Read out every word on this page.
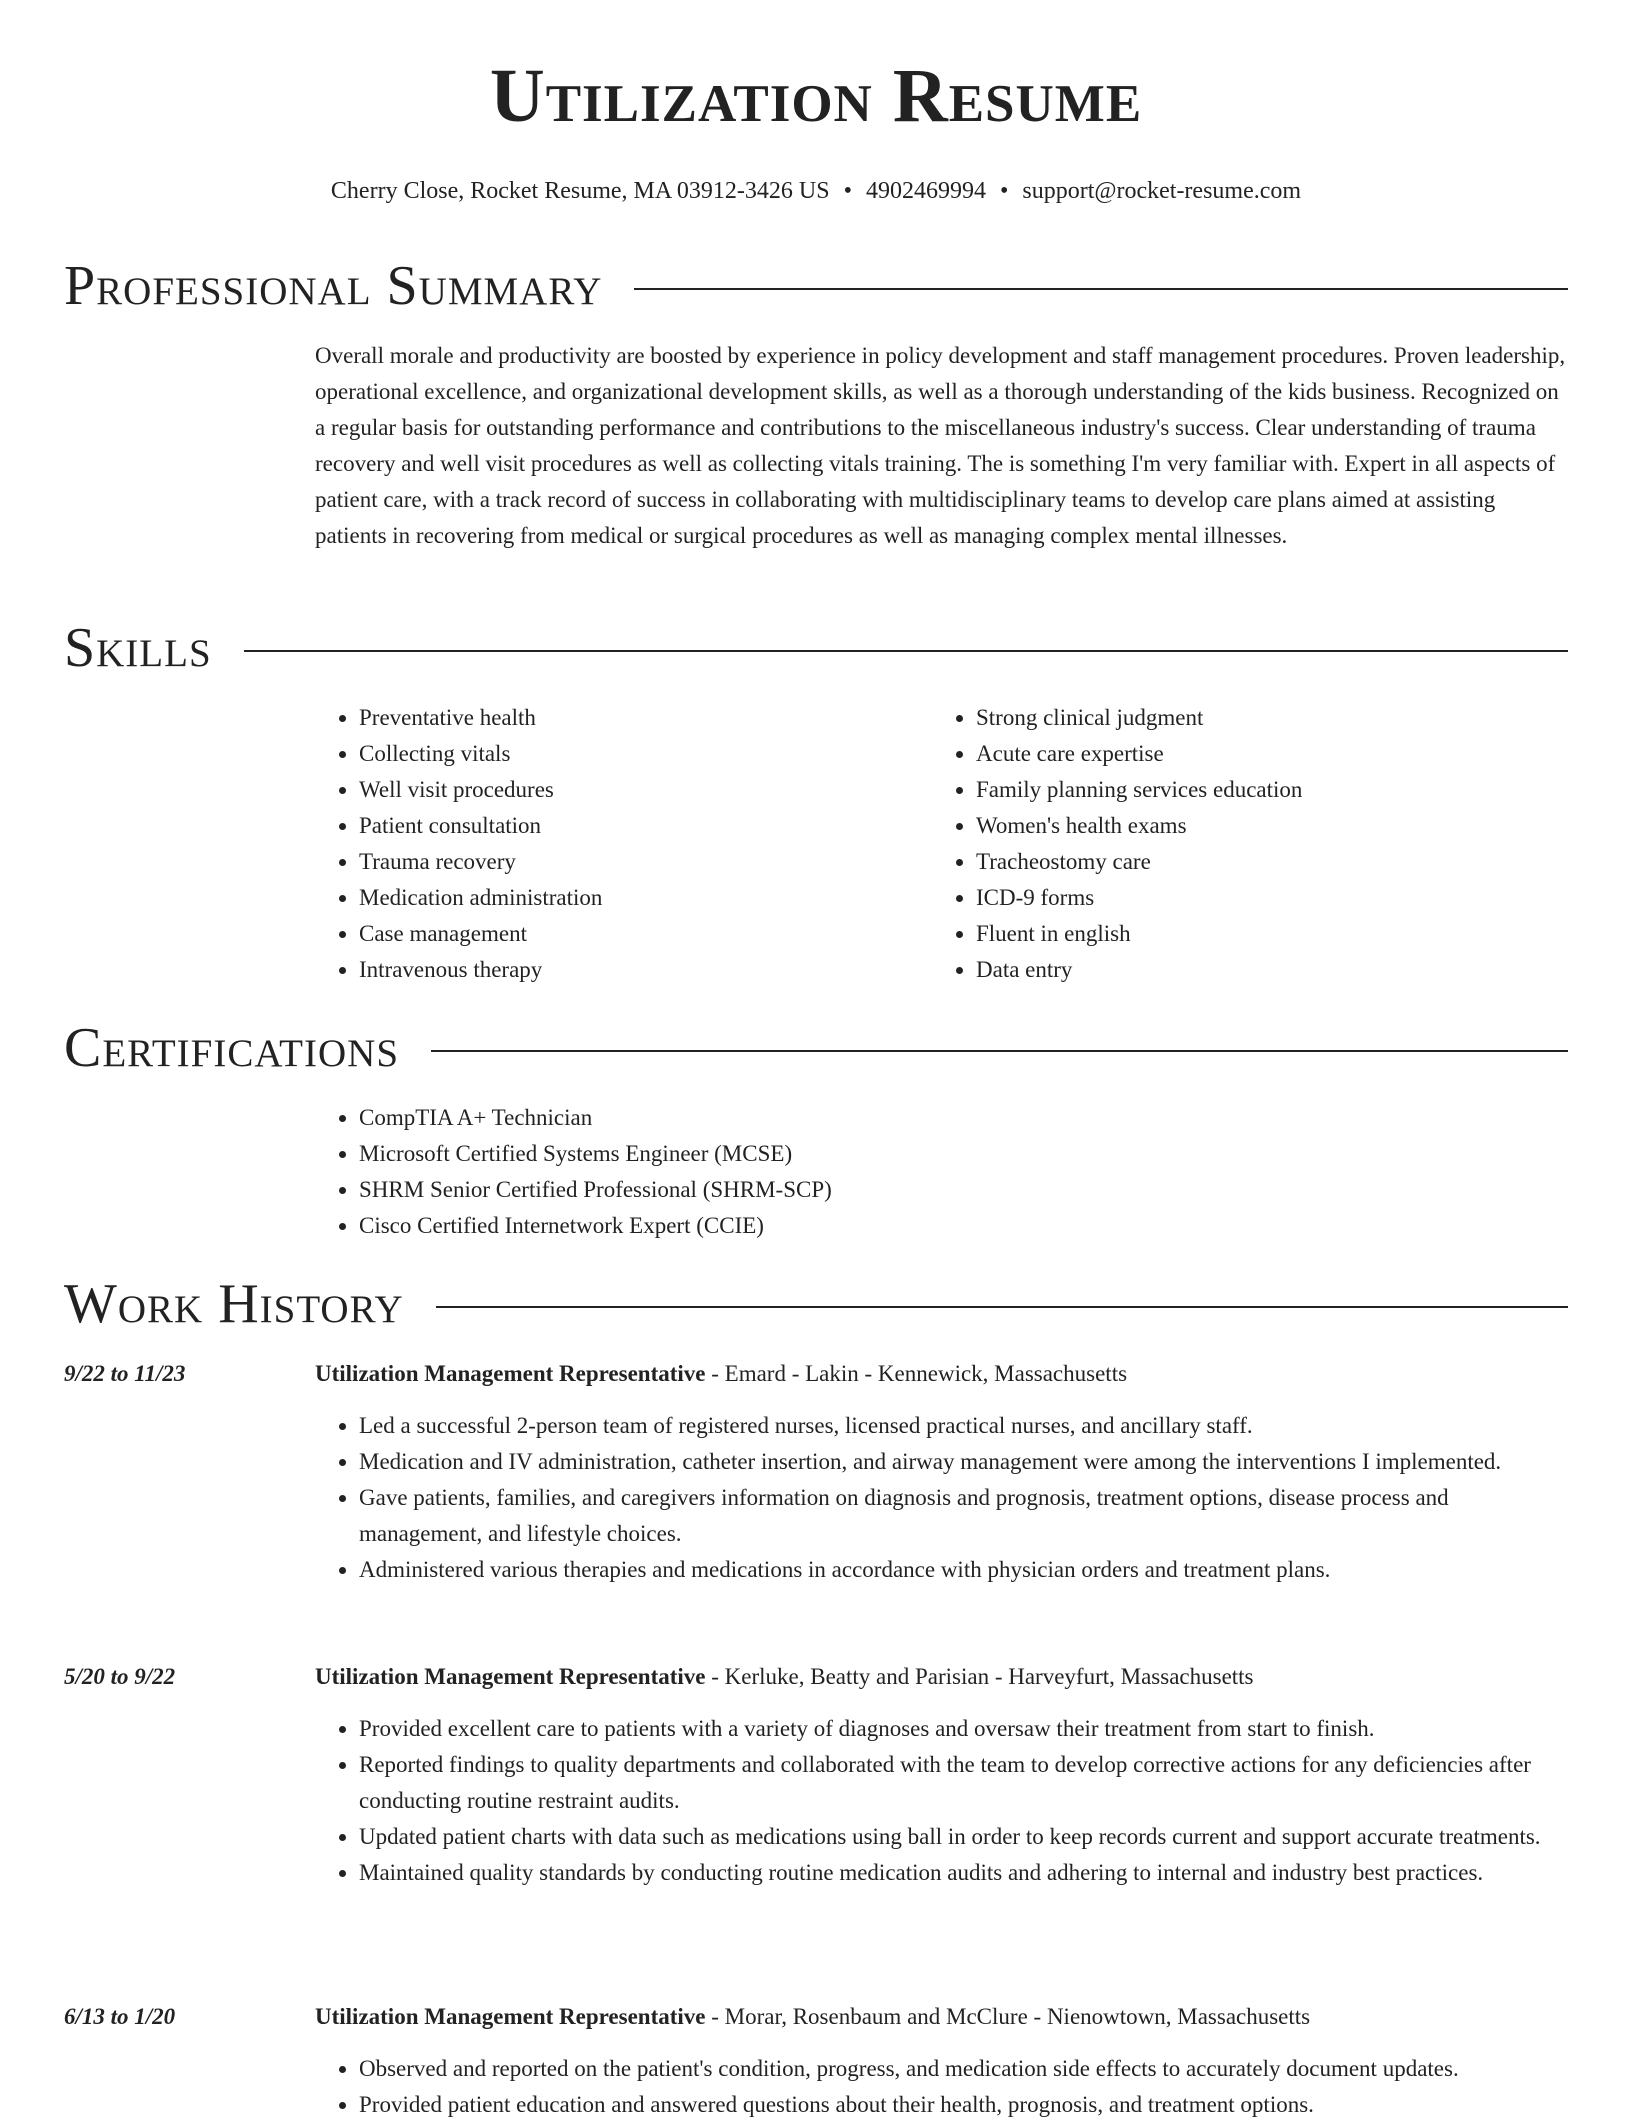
Utilization Resume
Cherry Close, Rocket Resume, MA 03912-3426 US • 4902469994 • support@rocket-resume.com
Professional Summary

Overall morale and productivity are boosted by experience in policy development and staff management procedures. Proven leadership, operational excellence, and organizational development skills, as well as a thorough understanding of the kids business. Recognized on a regular basis for outstanding performance and contributions to the miscellaneous industry's success. Clear understanding of trauma recovery and well visit procedures as well as collecting vitals training. The is something I'm very familiar with. Expert in all aspects of patient care, with a track record of success in collaborating with multidisciplinary teams to develop care plans aimed at assisting patients in recovering from medical or surgical procedures as well as managing complex mental illnesses.

Skills
• Preventative health
• Collecting vitals
• Well visit procedures
• Patient consultation
• Trauma recovery
• Medication administration
• Case management
• Intravenous therapy
• Strong clinical judgment
• Acute care expertise
• Family planning services education
• Women's health exams
• Tracheostomy care
• ICD-9 forms
• Fluent in english
• Data entry
Certifications
• CompTIA A+ Technician
• Microsoft Certified Systems Engineer (MCSE)
• SHRM Senior Certified Professional (SHRM-SCP)
• Cisco Certified Internetwork Expert (CCIE)
Work History
9/22 to 11/23	Utilization Management Representative - Emard - Lakin - Kennewick, Massachusetts
• Led a successful 2-person team of registered nurses, licensed practical nurses, and ancillary staff.
• Medication and IV administration, catheter insertion, and airway management were among the interventions I implemented.
• Gave patients, families, and caregivers information on diagnosis and prognosis, treatment options, disease process and management, and lifestyle choices.
• Administered various therapies and medications in accordance with physician orders and treatment plans.
5/20 to 9/22	Utilization Management Representative - Kerluke, Beatty and Parisian - Harveyfurt, Massachusetts
• Provided excellent care to patients with a variety of diagnoses and oversaw their treatment from start to finish.
• Reported findings to quality departments and collaborated with the team to develop corrective actions for any deficiencies after conducting routine restraint audits.
• Updated patient charts with data such as medications using ball in order to keep records current and support accurate treatments.
• Maintained quality standards by conducting routine medication audits and adhering to internal and industry best practices.
6/13 to 1/20	Utilization Management Representative - Morar, Rosenbaum and McClure - Nienowtown, Massachusetts
• Observed and reported on the patient's condition, progress, and medication side effects to accurately document updates.
• Provided patient education and answered questions about their health, prognosis, and treatment options.
